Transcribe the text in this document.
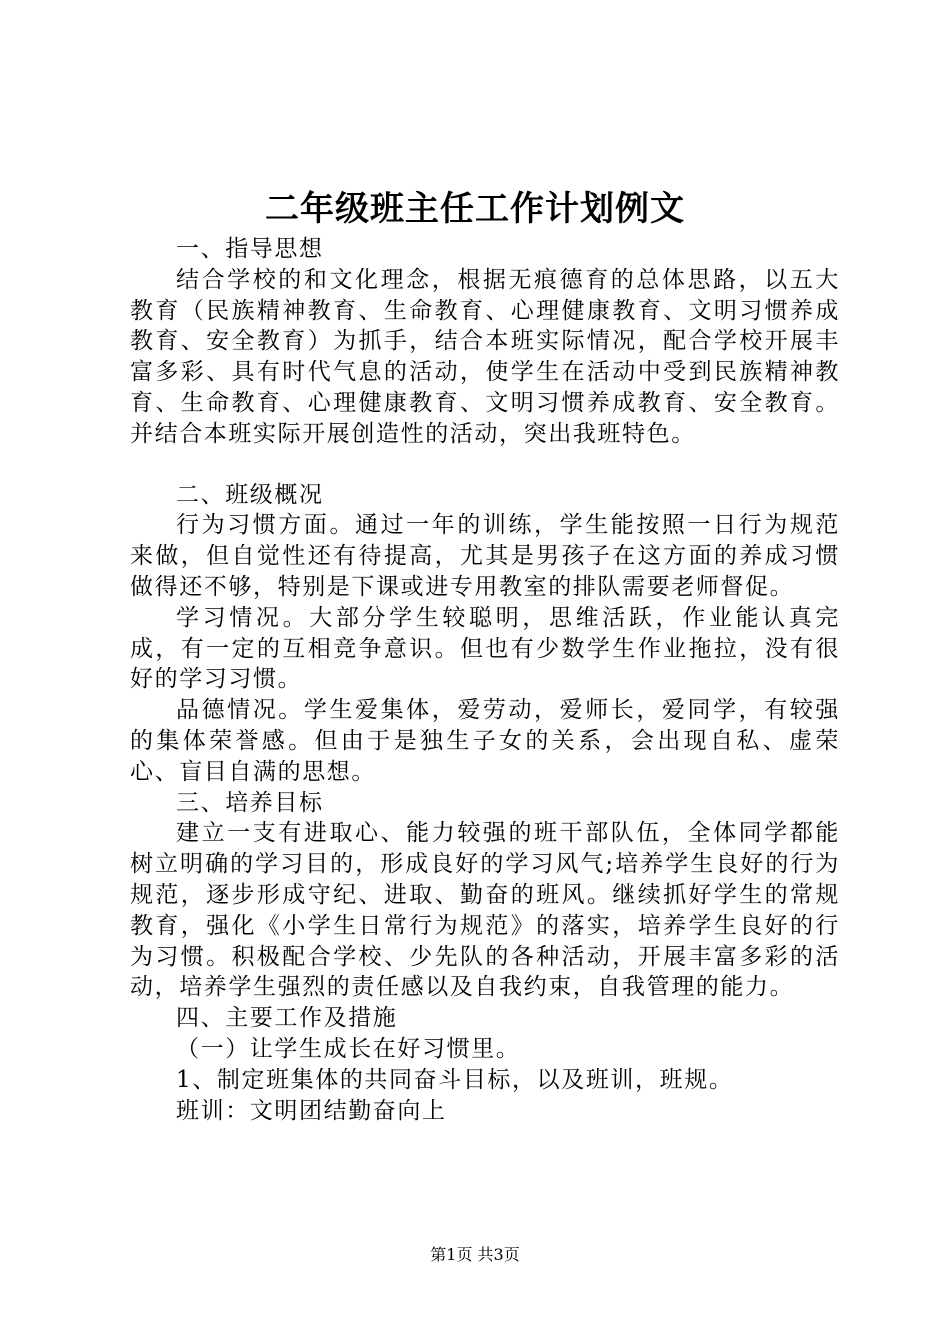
二年级班主任工作计划例文

一、指导思想

结合学校的和文化理念，根据无痕德育的总体思路，以五大教育（民族精神教育、生命教育、心理健康教育、文明习惯养成教育、安全教育）为抓手，结合本班实际情况，配合学校开展丰富多彩、具有时代气息的活动，使学生在活动中受到民族精神教育、生命教育、心理健康教育、文明习惯养成教育、安全教育。并结合本班实际开展创造性的活动，突出我班特色。

二、班级概况

行为习惯方面。通过一年的训练，学生能按照一日行为规范来做，但自觉性还有待提高，尤其是男孩子在这方面的养成习惯做得还不够，特别是下课或进专用教室的排队需要老师督促。

学习情况。大部分学生较聪明，思维活跃，作业能认真完成，有一定的互相竞争意识。但也有少数学生作业拖拉，没有很好的学习习惯。

品德情况。学生爱集体，爱劳动，爱师长，爱同学，有较强的集体荣誉感。但由于是独生子女的关系，会出现自私、虚荣心、盲目自满的思想。

三、培养目标

建立一支有进取心、能力较强的班干部队伍，全体同学都能树立明确的学习目的，形成良好的学习风气;培养学生良好的行为规范，逐步形成守纪、进取、勤奋的班风。继续抓好学生的常规教育，强化《小学生日常行为规范》的落实，培养学生良好的行为习惯。积极配合学校、少先队的各种活动，开展丰富多彩的活动，培养学生强烈的责任感以及自我约束，自我管理的能力。

四、主要工作及措施

（一）让学生成长在好习惯里。

1、制定班集体的共同奋斗目标，以及班训，班规。

班训：文明团结勤奋向上

第1页 共3页
